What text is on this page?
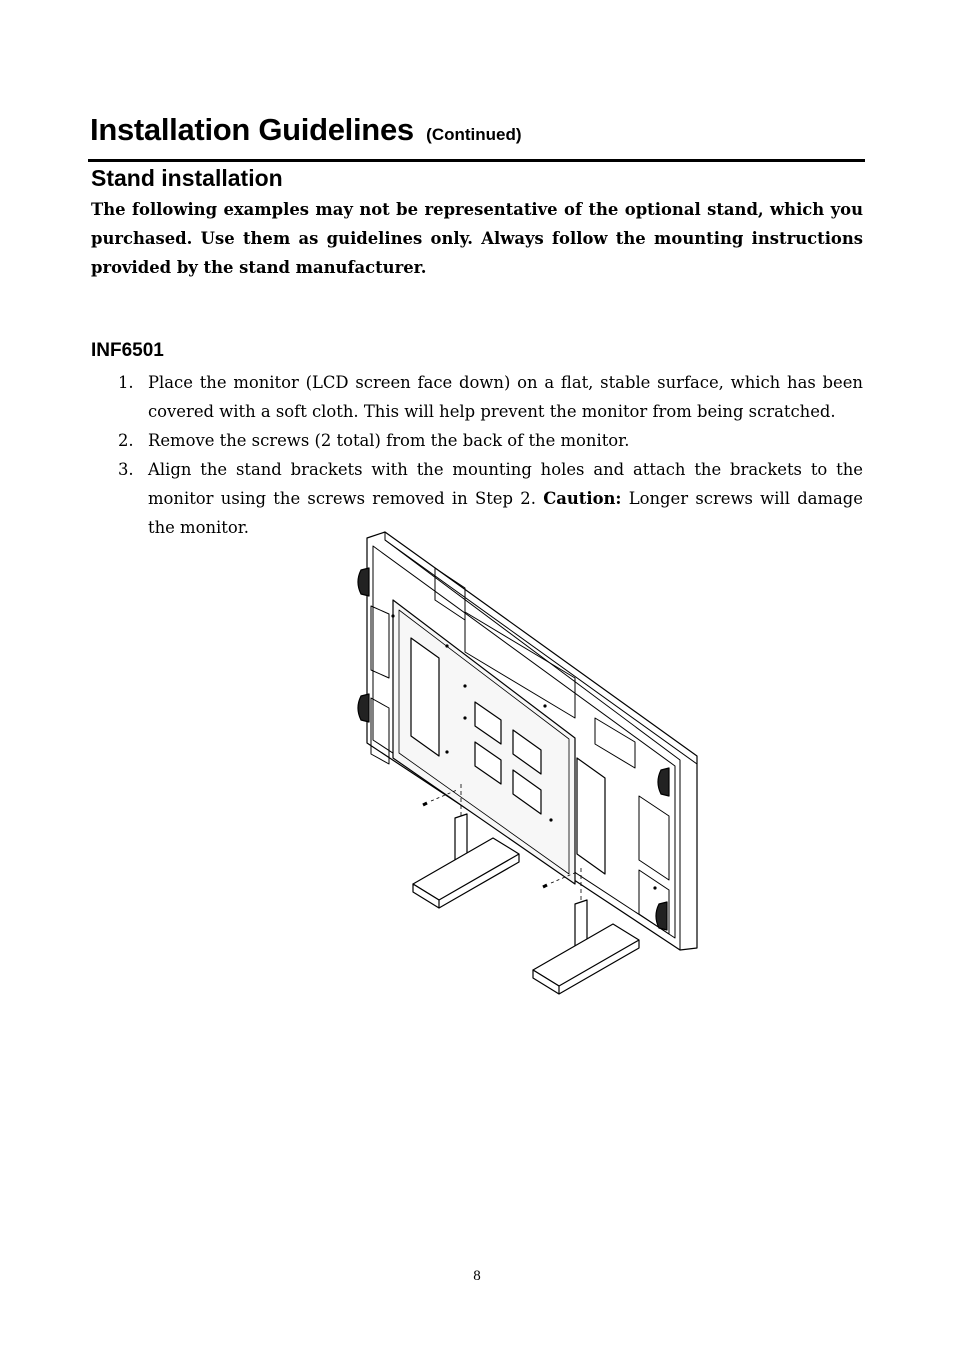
Installation Guidelines (Continued)
Stand installation

The following examples may not be representative of the optional stand, which you purchased. Use them as guidelines only. Always follow the mounting instructions provided by the stand manufacturer.

INF6501
1. Place the monitor (LCD screen face down) on a flat, stable surface, which has been covered with a soft cloth. This will help prevent the monitor from being scratched.
2. Remove the screws (2 total) from the back of the monitor.
3. Align the stand brackets with the mounting holes and attach the brackets to the monitor using the screws removed in Step 2. Caution: Longer screws will damage the monitor.
8
